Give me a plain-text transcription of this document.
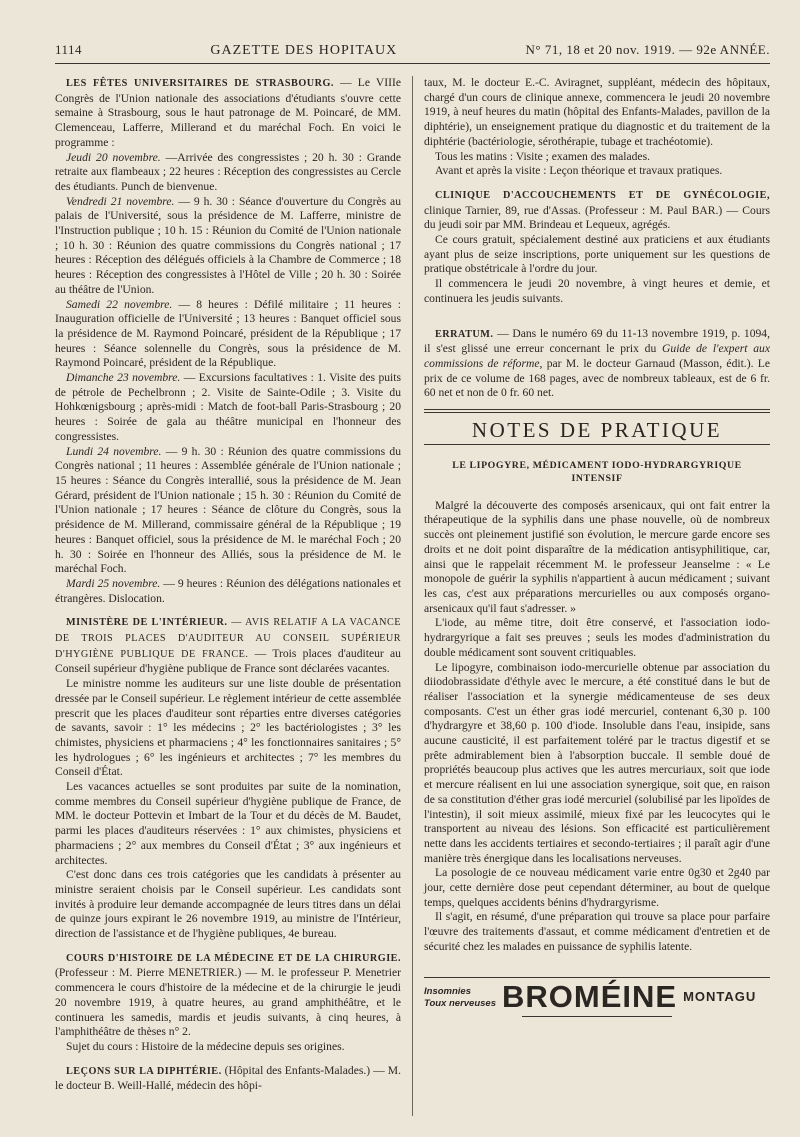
1114	GAZETTE DES HOPITAUX	N° 71, 18 et 20 nov. 1919. — 92e ANNÉE.

LES FÊTES UNIVERSITAIRES DE STRASBOURG. — Le VIIIe Congrès de l'Union nationale des associations d'étudiants s'ouvre cette semaine à Strasbourg, sous le haut patronage de M. Poincaré, de MM. Clemenceau, Lafferre, Millerand et du maréchal Foch. En voici le programme :

Jeudi 20 novembre. —Arrivée des congressistes ; 20 h. 30 : Grande retraite aux flambeaux ; 22 heures : Réception des congressistes au Cercle des étudiants. Punch de bienvenue.

Vendredi 21 novembre. — 9 h. 30 : Séance d'ouverture du Congrès au palais de l'Université, sous la présidence de M. Lafferre, ministre de l'Instruction publique ; 10 h. 15 : Réunion du Comité de l'Union nationale ; 10 h. 30 : Réunion des quatre commissions du Congrès national ; 17 heures : Réception des délégués officiels à la Chambre de Commerce ; 18 heures : Réception des congressistes à l'Hôtel de Ville ; 20 h. 30 : Soirée au théâtre de l'Union.

Samedi 22 novembre. — 8 heures : Défilé militaire ; 11 heures : Inauguration officielle de l'Université ; 13 heures : Banquet officiel sous la présidence de M. Raymond Poincaré, président de la République ; 17 heures : Séance solennelle du Congrès, sous la présidence de M. Raymond Poincaré, président de la République.

Dimanche 23 novembre. — Excursions facultatives : 1. Visite des puits de pétrole de Pechelbronn ; 2. Visite de Sainte-Odile ; 3. Visite du Hohkœnigsbourg ; après-midi : Match de foot-ball Paris-Strasbourg ; 20 heures : Soirée de gala au théâtre municipal en l'honneur des congressistes.

Lundi 24 novembre. — 9 h. 30 : Réunion des quatre commissions du Congrès national ; 11 heures : Assemblée générale de l'Union nationale ; 15 heures : Séance du Congrès interallié, sous la présidence de M. Jean Gérard, président de l'Union nationale ; 15 h. 30 : Réunion du Comité de l'Union nationale ; 17 heures : Séance de clôture du Congrès, sous la présidence de M. Millerand, commissaire général de la République ; 19 heures : Banquet officiel, sous la présidence de M. le maréchal Foch ; 20 h. 30 : Soirée en l'honneur des Alliés, sous la présidence de M. le maréchal Foch.

Mardi 25 novembre. — 9 heures : Réunion des délégations nationales et étrangères. Dislocation.

MINISTÈRE DE L'INTÉRIEUR. — AVIS RELATIF A LA VACANCE DE TROIS PLACES D'AUDITEUR AU CONSEIL SUPÉRIEUR D'HYGIÈNE PUBLIQUE DE FRANCE. — Trois places d'auditeur au Conseil supérieur d'hygiène publique de France sont déclarées vacantes.

Le ministre nomme les auditeurs sur une liste double de présentation dressée par le Conseil supérieur. Le règlement intérieur de cette assemblée prescrit que les places d'auditeur sont réparties entre diverses catégories de savants, savoir : 1° les médecins ; 2° les bactériologistes ; 3° les chimistes, physiciens et pharmaciens ; 4° les fonctionnaires sanitaires ; 5° les hydrologues ; 6° les ingénieurs et architectes ; 7° les membres du Conseil d'État.

Les vacances actuelles se sont produites par suite de la nomination, comme membres du Conseil supérieur d'hygiène publique de France, de MM. le docteur Pottevin et Imbart de la Tour et du décès de M. Baudet, parmi les places d'auditeurs réservées : 1° aux chimistes, physiciens et pharmaciens ; 2° aux membres du Conseil d'État ; 3° aux ingénieurs et architectes.

C'est donc dans ces trois catégories que les candidats à présenter au ministre seraient choisis par le Conseil supérieur. Les candidats sont invités à produire leur demande accompagnée de leurs titres dans un délai de quinze jours expirant le 26 novembre 1919, au ministre de l'Intérieur, direction de l'assistance et de l'hygiène publiques, 4e bureau.

COURS D'HISTOIRE DE LA MÉDECINE ET DE LA CHIRURGIE. (Professeur : M. Pierre MENETRIER.) — M. le professeur P. Menetrier commencera le cours d'histoire de la médecine et de la chirurgie le jeudi 20 novembre 1919, à quatre heures, au grand amphithéâtre, et le continuera les samedis, mardis et jeudis suivants, à cinq heures, à l'amphithéâtre de thèses n° 2.

Sujet du cours : Histoire de la médecine depuis ses origines.

LEÇONS SUR LA DIPHTÉRIE. (Hôpital des Enfants-Malades.) — M. le docteur B. Weill-Hallé, médecin des hôpi-

taux, M. le docteur E.-C. Aviragnet, suppléant, médecin des hôpitaux, chargé d'un cours de clinique annexe, commencera le jeudi 20 novembre 1919, à neuf heures du matin (hôpital des Enfants-Malades, pavillon de la diphtérie), un enseignement pratique du diagnostic et du traitement de la diphtérie (bactériologie, sérothérapie, tubage et trachéotomie).

Tous les matins : Visite ; examen des malades.

Avant et après la visite : Leçon théorique et travaux pratiques.

CLINIQUE D'ACCOUCHEMENTS ET DE GYNÉCOLOGIE, clinique Tarnier, 89, rue d'Assas. (Professeur : M. Paul BAR.) — Cours du jeudi soir par MM. Brindeau et Lequeux, agrégés.

Ce cours gratuit, spécialement destiné aux praticiens et aux étudiants ayant plus de seize inscriptions, porte uniquement sur les questions de pratique obstétricale à l'ordre du jour.

Il commencera le jeudi 20 novembre, à vingt heures et demie, et continuera les jeudis suivants.

ERRATUM. — Dans le numéro 69 du 11-13 novembre 1919, p. 1094, il s'est glissé une erreur concernant le prix du Guide de l'expert aux commissions de réforme, par M. le docteur Garnaud (Masson, édit.). Le prix de ce volume de 168 pages, avec de nombreux tableaux, est de 6 fr. 60 net et non de 0 fr. 60 net.

NOTES DE PRATIQUE
LE LIPOGYRE, MÉDICAMENT IODO-HYDRARGYRIQUE
INTENSIF

Malgré la découverte des composés arsenicaux, qui ont fait entrer la thérapeutique de la syphilis dans une phase nouvelle, où de nombreux succès ont pleinement justifié son évolution, le mercure garde encore ses droits et ne doit point disparaître de la médication antisyphilitique, car, ainsi que le rappelait récemment M. le professeur Jeanselme : « Le monopole de guérir la syphilis n'appartient à aucun médicament ; suivant les cas, c'est aux préparations mercurielles ou aux composés organo-arsenicaux qu'il faut s'adresser. »

L'iode, au même titre, doit être conservé, et l'association iodo-hydrargyrique a fait ses preuves ; seuls les modes d'administration du double médicament sont souvent critiquables.

Le lipogyre, combinaison iodo-mercurielle obtenue par association du diiodobrassidate d'éthyle avec le mercure, a été constitué dans le but de réaliser l'association et la synergie médicamenteuse de ses deux composants. C'est un éther gras iodé mercuriel, contenant 6,30 p. 100 d'hydrargyre et 38,60 p. 100 d'iode. Insoluble dans l'eau, insipide, sans aucune causticité, il est parfaitement toléré par le tractus digestif et se prête admirablement bien à l'absorption buccale. Il semble doué de propriétés beaucoup plus actives que les autres mercuriaux, soit que iode et mercure réalisent en lui une association synergique, soit que, en raison de sa constitution d'éther gras iodé mercuriel (solubilisé par les lipoïdes de l'intestin), il soit mieux assimilé, mieux fixé par les leucocytes qui le transportent au niveau des lésions. Son efficacité est particulièrement nette dans les accidents tertiaires et secondo-tertiaires ; il paraît agir d'une manière très énergique dans les localisations nerveuses.

La posologie de ce nouveau médicament varie entre 0g30 et 2g40 par jour, cette dernière dose peut cependant déterminer, au bout de quelque temps, quelques accidents bénins d'hydrargyrisme.

Il s'agit, en résumé, d'une préparation qui trouve sa place pour parfaire l'œuvre des traitements d'assaut, et comme médicament d'entretien et de sécurité chez les malades en puissance de syphilis latente.

Insomnies
Toux nerveuses BROMÉINE MONTAGU
